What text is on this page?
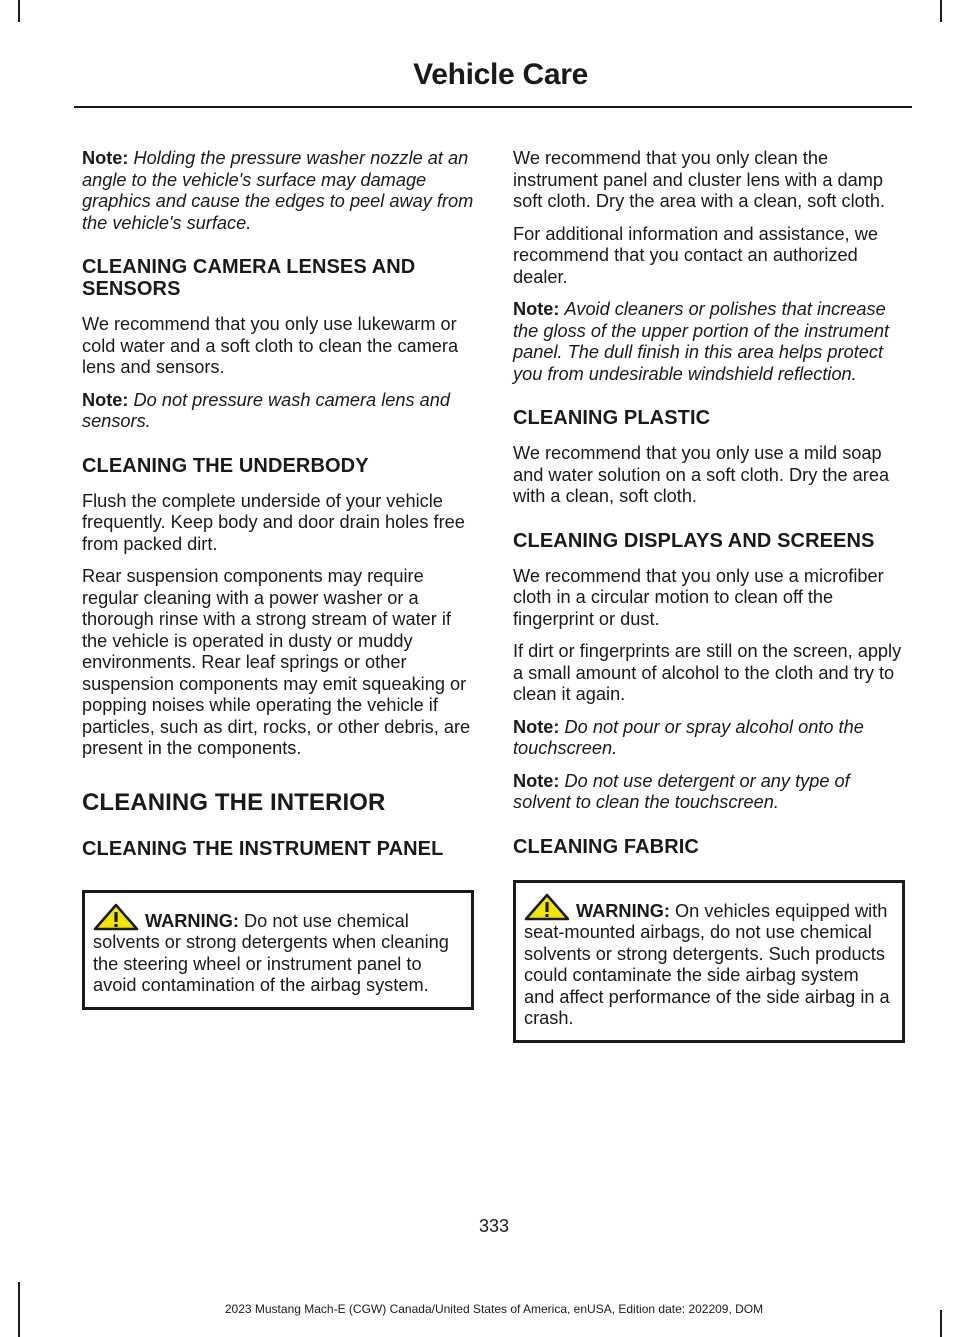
Vehicle Care

Note: Holding the pressure washer nozzle at an angle to the vehicle's surface may damage graphics and cause the edges to peel away from the vehicle's surface.

CLEANING CAMERA LENSES AND SENSORS

We recommend that you only use lukewarm or cold water and a soft cloth to clean the camera lens and sensors.

Note: Do not pressure wash camera lens and sensors.

CLEANING THE UNDERBODY

Flush the complete underside of your vehicle frequently. Keep body and door drain holes free from packed dirt.

Rear suspension components may require regular cleaning with a power washer or a thorough rinse with a strong stream of water if the vehicle is operated in dusty or muddy environments. Rear leaf springs or other suspension components may emit squeaking or popping noises while operating the vehicle if particles, such as dirt, rocks, or other debris, are present in the components.

CLEANING THE INTERIOR
CLEANING THE INSTRUMENT PANEL

WARNING: Do not use chemical solvents or strong detergents when cleaning the steering wheel or instrument panel to avoid contamination of the airbag system.

We recommend that you only clean the instrument panel and cluster lens with a damp soft cloth. Dry the area with a clean, soft cloth.

For additional information and assistance, we recommend that you contact an authorized dealer.

Note: Avoid cleaners or polishes that increase the gloss of the upper portion of the instrument panel. The dull finish in this area helps protect you from undesirable windshield reflection.

CLEANING PLASTIC

We recommend that you only use a mild soap and water solution on a soft cloth. Dry the area with a clean, soft cloth.

CLEANING DISPLAYS AND SCREENS

We recommend that you only use a microfiber cloth in a circular motion to clean off the fingerprint or dust.

If dirt or fingerprints are still on the screen, apply a small amount of alcohol to the cloth and try to clean it again.

Note: Do not pour or spray alcohol onto the touchscreen.

Note: Do not use detergent or any type of solvent to clean the touchscreen.

CLEANING FABRIC

WARNING: On vehicles equipped with seat-mounted airbags, do not use chemical solvents or strong detergents. Such products could contaminate the side airbag system and affect performance of the side airbag in a crash.

333
2023 Mustang Mach-E (CGW) Canada/United States of America, enUSA, Edition date: 202209, DOM
